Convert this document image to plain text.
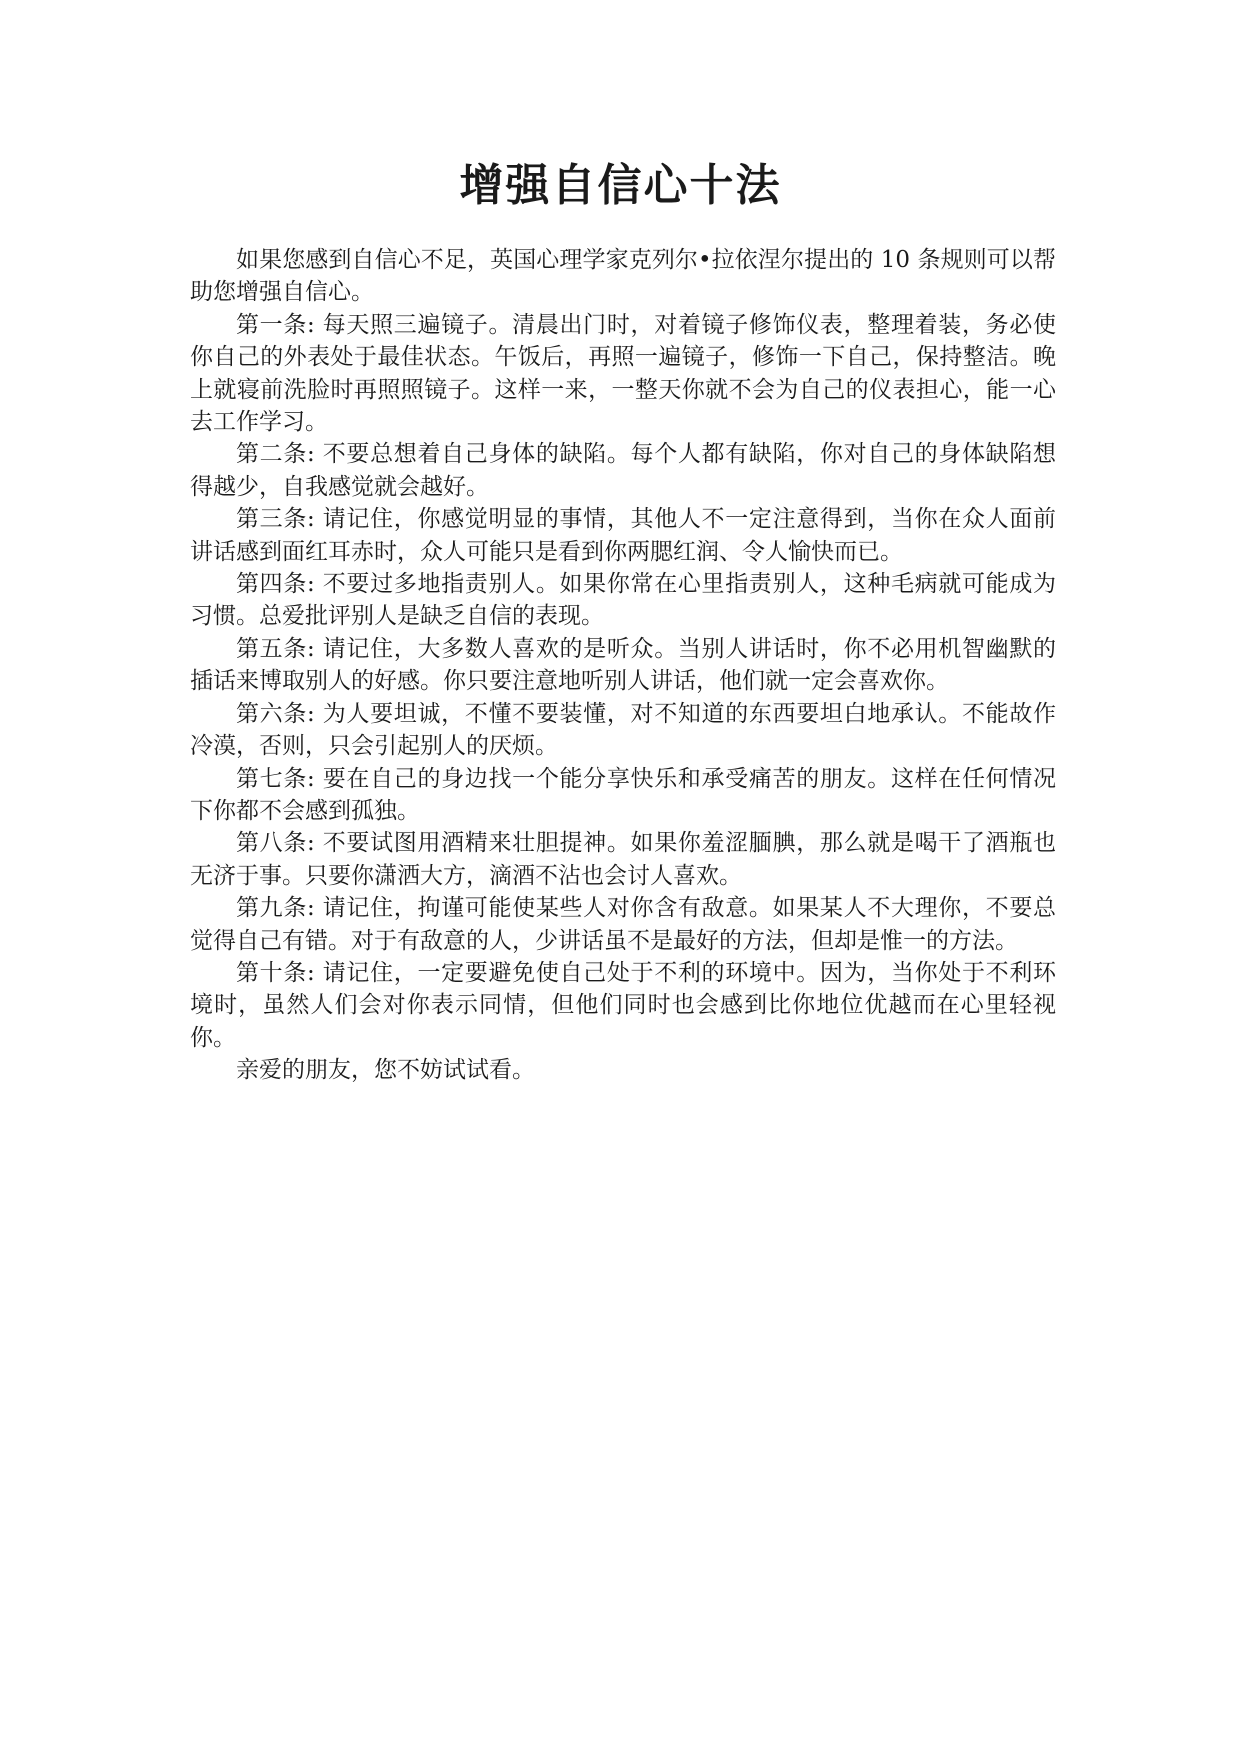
增强自信心十法

如果您感到自信心不足，英国心理学家克列尔•拉依涅尔提出的 10 条规则可以帮助您增强自信心。

第一条: 每天照三遍镜子。清晨出门时，对着镜子修饰仪表，整理着装，务必使你自己的外表处于最佳状态。午饭后，再照一遍镜子，修饰一下自己，保持整洁。晚上就寝前洗脸时再照照镜子。这样一来，一整天你就不会为自己的仪表担心，能一心去工作学习。

第二条: 不要总想着自己身体的缺陷。每个人都有缺陷，你对自己的身体缺陷想得越少，自我感觉就会越好。

第三条: 请记住，你感觉明显的事情，其他人不一定注意得到，当你在众人面前讲话感到面红耳赤时，众人可能只是看到你两腮红润、令人愉快而已。

第四条: 不要过多地指责别人。如果你常在心里指责别人，这种毛病就可能成为习惯。总爱批评别人是缺乏自信的表现。

第五条: 请记住，大多数人喜欢的是听众。当别人讲话时，你不必用机智幽默的插话来博取别人的好感。你只要注意地听别人讲话，他们就一定会喜欢你。

第六条: 为人要坦诚，不懂不要装懂，对不知道的东西要坦白地承认。不能故作冷漠，否则，只会引起别人的厌烦。

第七条: 要在自己的身边找一个能分享快乐和承受痛苦的朋友。这样在任何情况下你都不会感到孤独。

第八条: 不要试图用酒精来壮胆提神。如果你羞涩腼腆，那么就是喝干了酒瓶也无济于事。只要你潇洒大方，滴酒不沾也会讨人喜欢。

第九条: 请记住，拘谨可能使某些人对你含有敌意。如果某人不大理你，不要总觉得自己有错。对于有敌意的人，少讲话虽不是最好的方法，但却是惟一的方法。

第十条: 请记住，一定要避免使自己处于不利的环境中。因为，当你处于不利环境时，虽然人们会对你表示同情，但他们同时也会感到比你地位优越而在心里轻视你。

亲爱的朋友，您不妨试试看。
